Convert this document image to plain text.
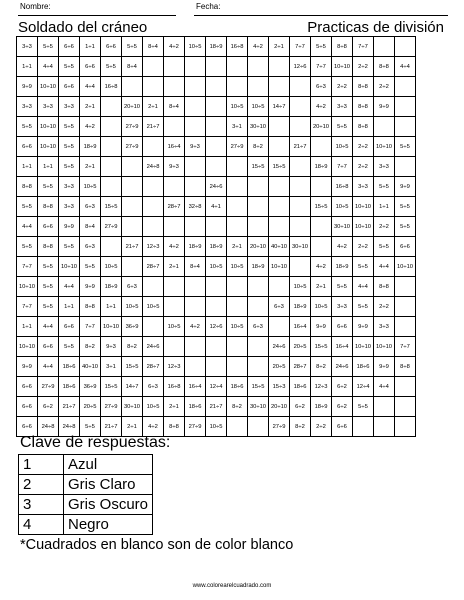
Nombre:	Fecha:
Soldado del cráneo	Practicas de división
3÷3	5÷5	6÷6	1÷1	6÷6	5÷5	8÷4	4÷2	10÷5	18÷9	16÷8	4÷2	2÷1	7÷7	5÷5	8÷8	7÷7		
1÷1	4÷4	5÷5	6÷6	5÷5	8÷4								12÷6	7÷7	10÷10	2÷2	8÷8	4÷4
9÷9	10÷10	6÷6	4÷4	16÷8										6÷3	2÷2	8÷8	2÷2	
3÷3	3÷3	3÷3	2÷1		20÷10	2÷1	8÷4			10÷5	10÷5	14÷7		4÷2	3÷3	8÷8	9÷9	
5÷5	10÷10	5÷5	4÷2		27÷9	21÷7				3÷1	30÷10			20÷10	5÷5	8÷8		
6÷6	10÷10	5÷5	18÷9		27÷9		16÷4	9÷3		27÷9	8÷2		21÷7		10÷5	2÷2	10÷10	5÷5
1÷1	1÷1	5÷5	2÷1			24÷8	9÷3				15÷5	15÷5		18÷9	7÷7	2÷2	3÷3	
8÷8	5÷5	3÷3	10÷5						24÷6						16÷8	3÷3	5÷5	9÷9
5÷5	8÷8	3÷3	6÷3	15÷5			28÷7	32÷8	4÷1					15÷5	10÷5	10÷10	1÷1	5÷5
4÷4	6÷6	9÷9	8÷4	27÷9											30÷10	10÷10	2÷2	5÷5
5÷5	8÷8	5÷5	6÷3		21÷7	12÷3	4÷2	18÷9	18÷9	2÷1	20÷10	40÷10	30÷10		4÷2	2÷2	5÷5	6÷6
7÷7	5÷5	10÷10	5÷5	10÷5		28÷7	2÷1	8÷4	10÷5	10÷5	18÷9	10÷10		4÷2	18÷9	5÷5	4÷4	10÷10
10÷10	5÷5	4÷4	9÷9	18÷9	6÷3								10÷5	2÷1	5÷5	4÷4	8÷8	
7÷7	5÷5	1÷1	8÷8	1÷1	10÷5	10÷5						6÷3	18÷9	10÷5	3÷3	5÷5	2÷2	
1÷1	4÷4	6÷6	7÷7	10÷10	36÷9		10÷5	4÷2	12÷6	10÷5	6÷3		16÷4	9÷9	6÷6	9÷9	3÷3	
10÷10	6÷6	5÷5	8÷2	9÷3	8÷2	24÷6						24÷6	20÷5	15÷5	16÷4	10÷10	10÷10	7÷7
9÷9	4÷4	18÷6	40÷10	3÷1	15÷5	28÷7	12÷3					20÷5	28÷7	8÷2	24÷6	18÷6	9÷9	8÷8
6÷6	27÷9	18÷6	36÷9	15÷5	14÷7	6÷3	16÷8	16÷4	12÷4	18÷6	15÷5	15÷3	18÷6	12÷3	6÷2	12÷4	4÷4	
6÷6	6÷2	21÷7	20÷5	27÷9	30÷10	10÷5	2÷1	18÷6	21÷7	8÷2	30÷10	20÷10	6÷2	18÷9	6÷2	5÷5		
6÷6	24÷8	24÷8	5÷5	21÷7	2÷1	4÷2	8÷8	27÷9	10÷5			27÷9	8÷2	2÷2	6÷6			
Clave de respuestas:
1	Azul
2	Gris Claro
3	Gris Oscuro
4	Negro
*Cuadrados en blanco son de color blanco
www.colorearelcuadrado.com
